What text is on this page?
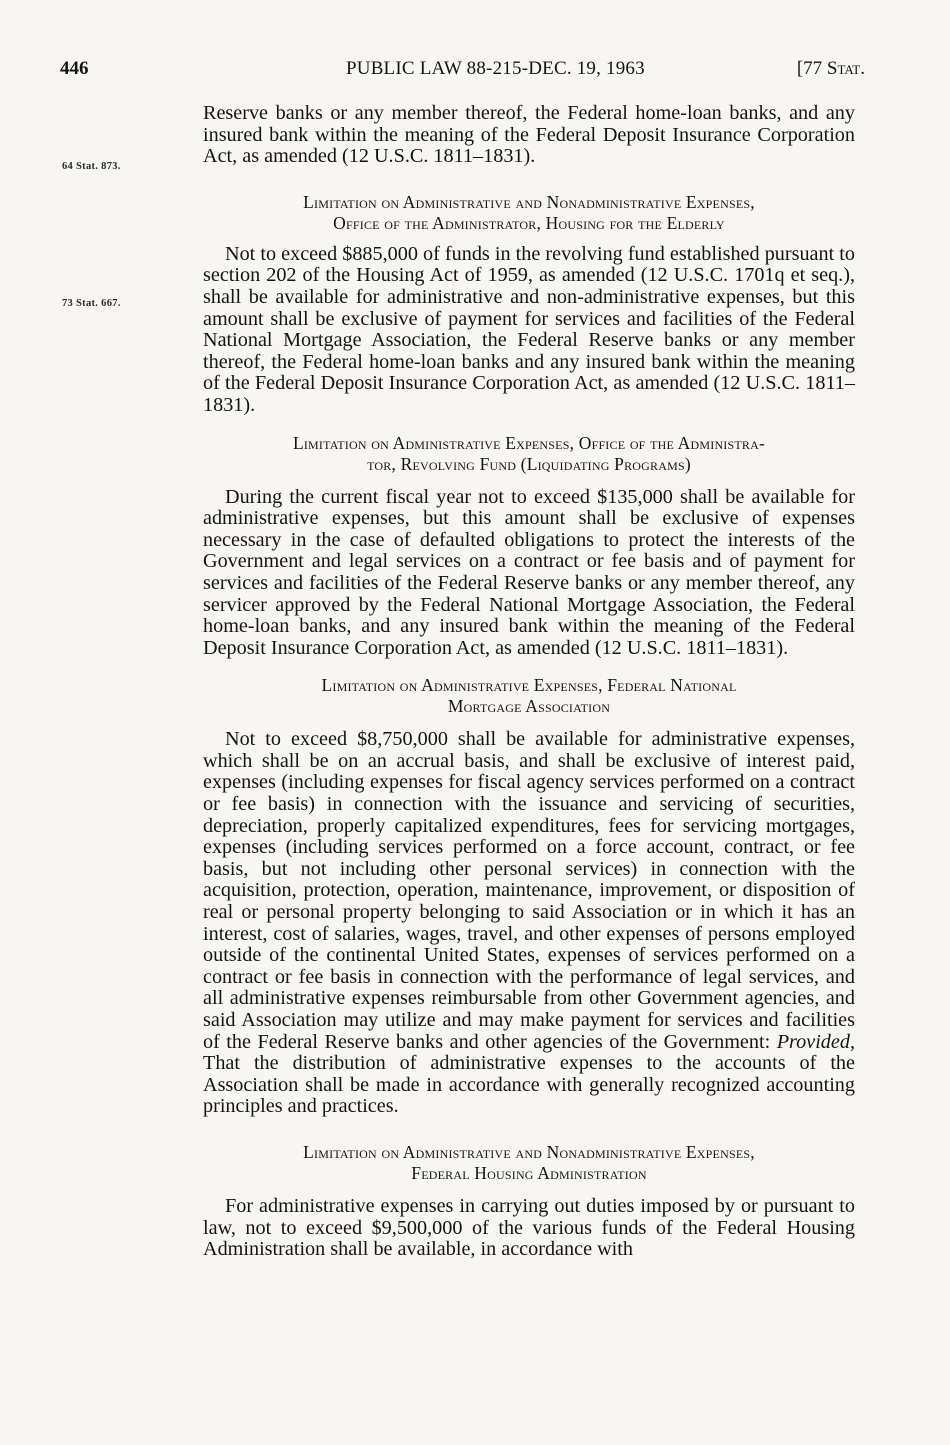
446	PUBLIC LAW 88-215-DEC. 19, 1963	[77 Stat.
64 Stat. 873.
73 Stat. 667.

Reserve banks or any member thereof, the Federal home-loan banks, and any insured bank within the meaning of the Federal Deposit Insurance Corporation Act, as amended (12 U.S.C. 1811–1831).

Limitation on Administrative and Nonadministrative Expenses,
Office of the Administrator, Housing for the Elderly

Not to exceed $885,000 of funds in the revolving fund established pursuant to section 202 of the Housing Act of 1959, as amended (12 U.S.C. 1701q et seq.), shall be available for administrative and non-administrative expenses, but this amount shall be exclusive of payment for services and facilities of the Federal National Mortgage Association, the Federal Reserve banks or any member thereof, the Federal home-loan banks and any insured bank within the meaning of the Federal Deposit Insurance Corporation Act, as amended (12 U.S.C. 1811–1831).

Limitation on Administrative Expenses, Office of the Administra-
tor, Revolving Fund (Liquidating Programs)

During the current fiscal year not to exceed $135,000 shall be available for administrative expenses, but this amount shall be exclusive of expenses necessary in the case of defaulted obligations to protect the interests of the Government and legal services on a contract or fee basis and of payment for services and facilities of the Federal Reserve banks or any member thereof, any servicer approved by the Federal National Mortgage Association, the Federal home-loan banks, and any insured bank within the meaning of the Federal Deposit Insurance Corporation Act, as amended (12 U.S.C. 1811–1831).

Limitation on Administrative Expenses, Federal National
Mortgage Association

Not to exceed $8,750,000 shall be available for administrative expenses, which shall be on an accrual basis, and shall be exclusive of interest paid, expenses (including expenses for fiscal agency services performed on a contract or fee basis) in connection with the issuance and servicing of securities, depreciation, properly capitalized expenditures, fees for servicing mortgages, expenses (including services performed on a force account, contract, or fee basis, but not including other personal services) in connection with the acquisition, protection, operation, maintenance, improvement, or disposition of real or personal property belonging to said Association or in which it has an interest, cost of salaries, wages, travel, and other expenses of persons employed outside of the continental United States, expenses of services performed on a contract or fee basis in connection with the performance of legal services, and all administrative expenses reimbursable from other Government agencies, and said Association may utilize and may make payment for services and facilities of the Federal Reserve banks and other agencies of the Government: Provided, That the distribution of administrative expenses to the accounts of the Association shall be made in accordance with generally recognized accounting principles and practices.

Limitation on Administrative and Nonadministrative Expenses,
Federal Housing Administration

For administrative expenses in carrying out duties imposed by or pursuant to law, not to exceed $9,500,000 of the various funds of the Federal Housing Administration shall be available, in accordance with
